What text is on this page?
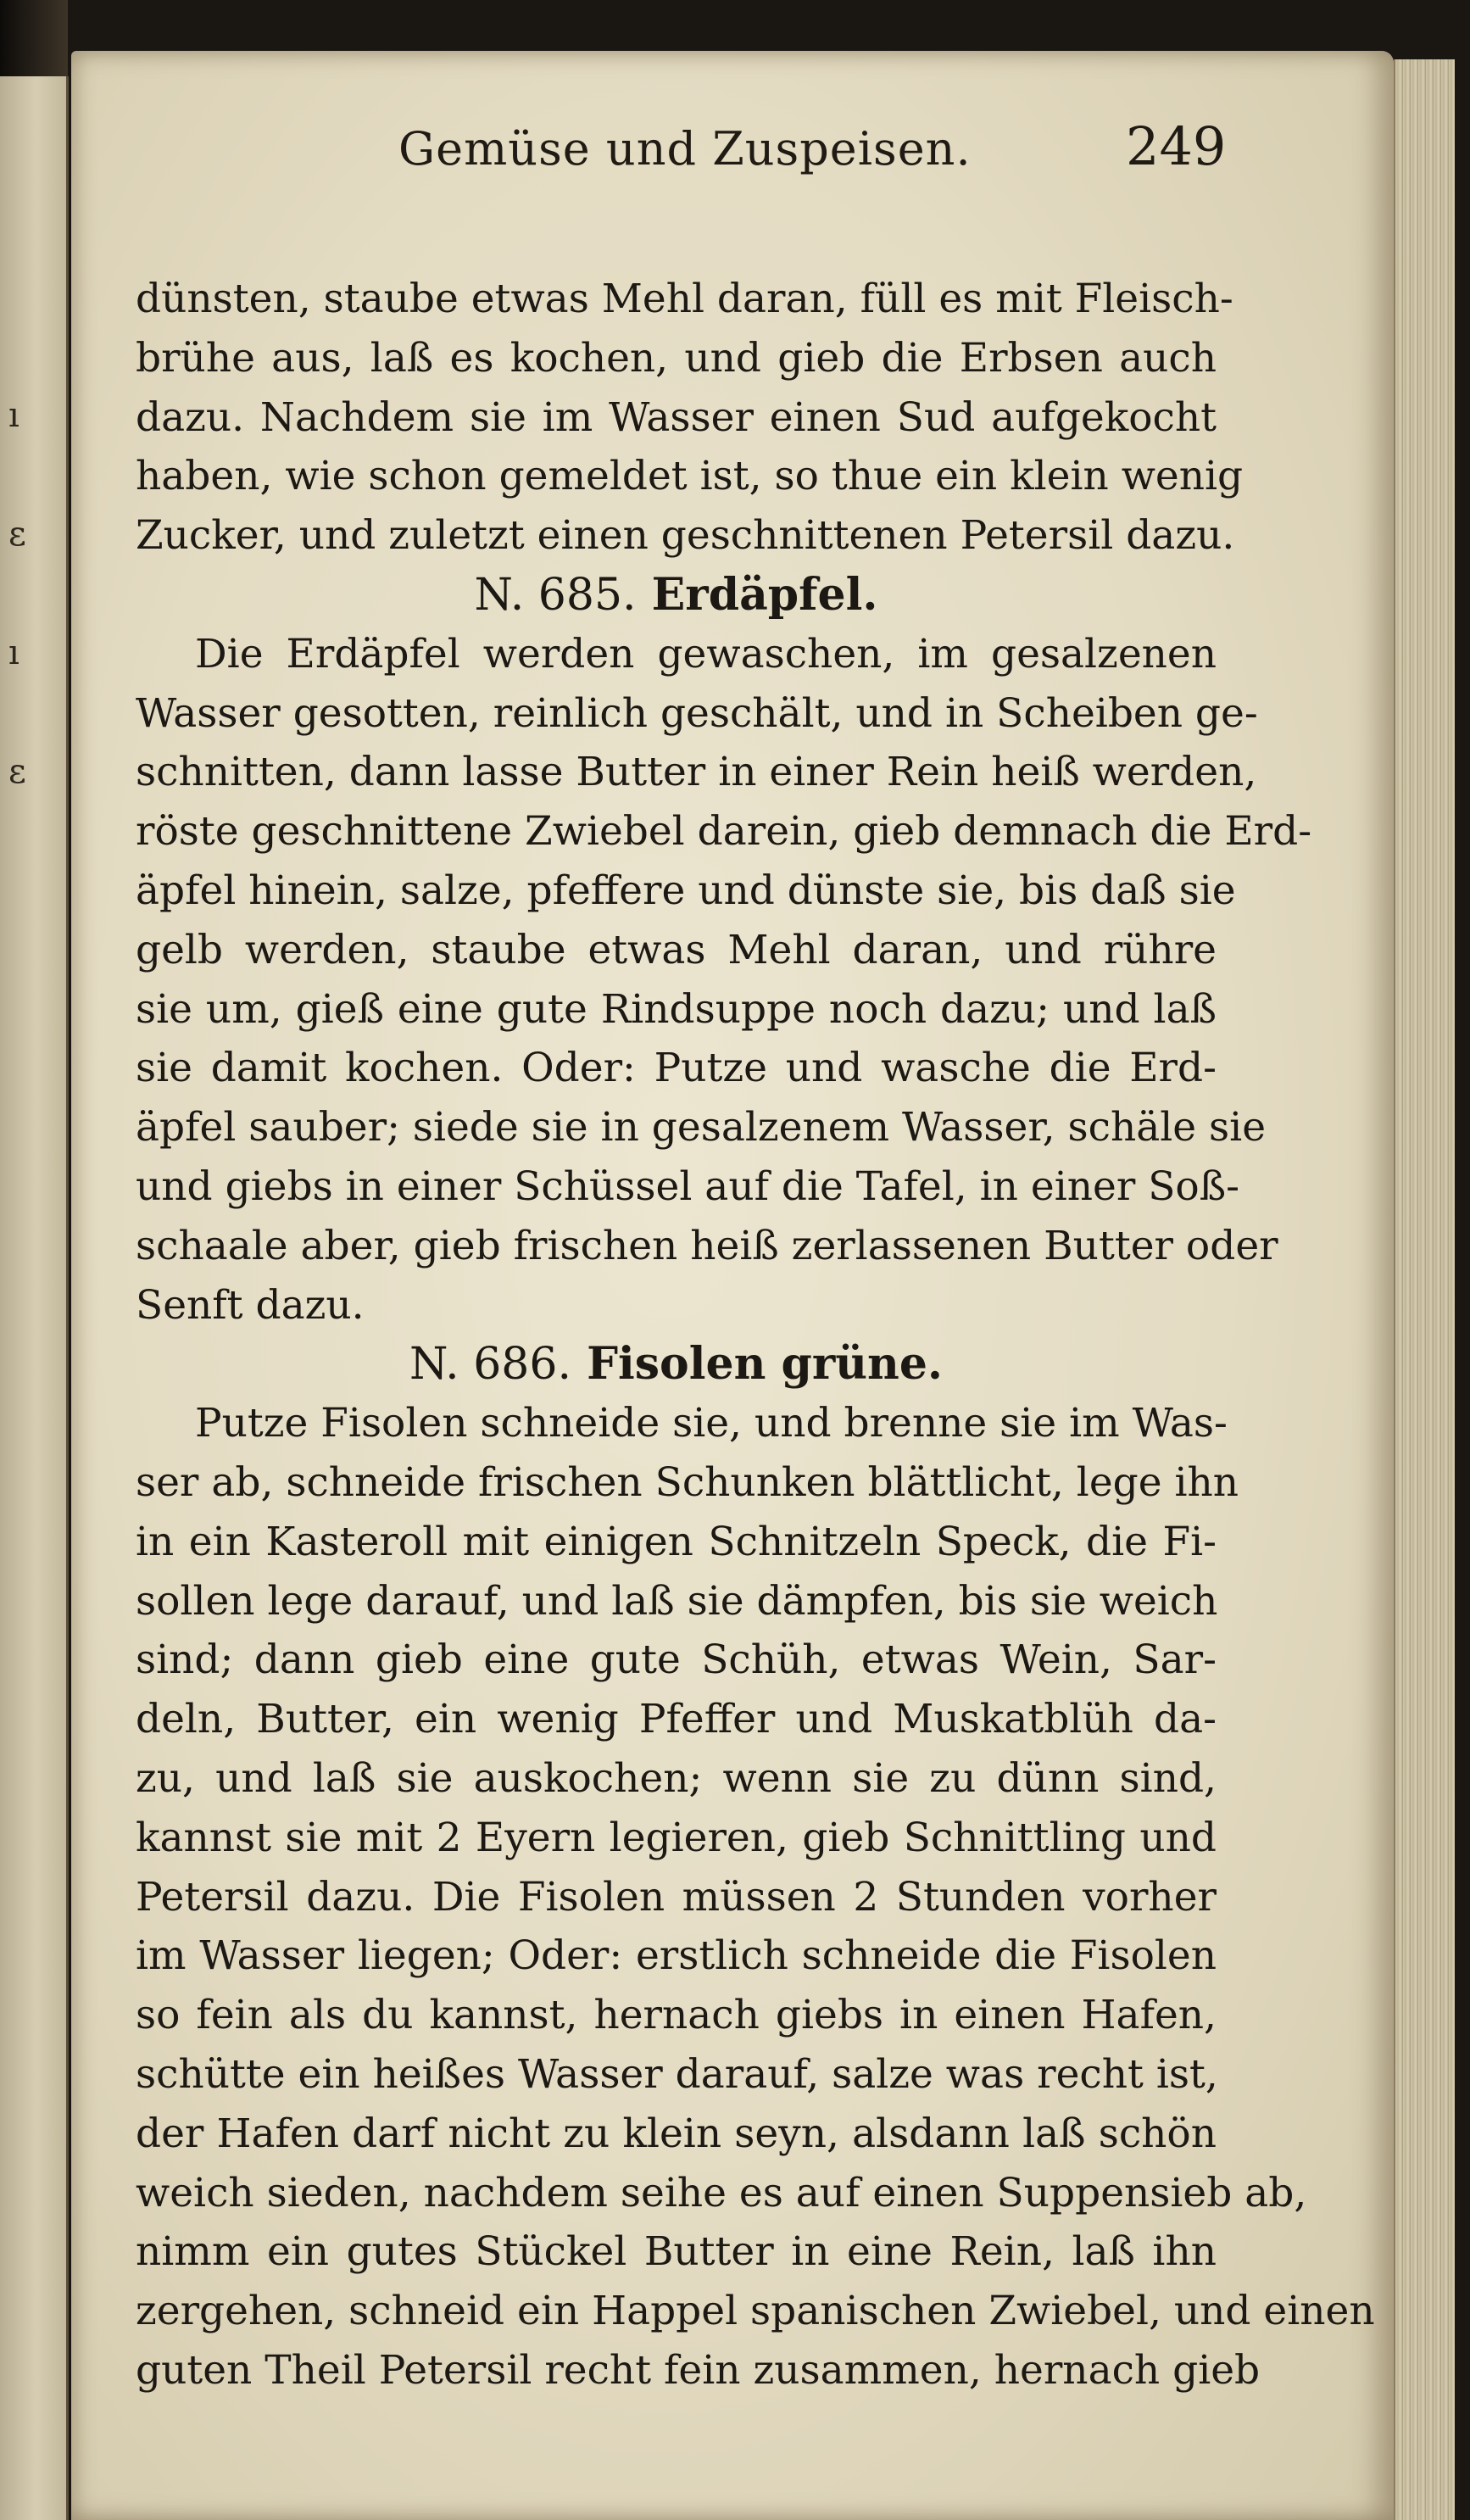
ı
ɛ
ı
ɛ
Gemüse und Zuspeisen.	249
dünsten, staube etwas Mehl daran, füll es mit Fleisch-
brühe aus, laß es kochen, und gieb die Erbsen auch
dazu. Nachdem sie im Wasser einen Sud aufgekocht
haben, wie schon gemeldet ist, so thue ein klein wenig
Zucker, und zuletzt einen geschnittenen Petersil dazu.
N. 685. Erdäpfel.
Die Erdäpfel werden gewaschen, im gesalzenen
Wasser gesotten, reinlich geschält, und in Scheiben ge-
schnitten, dann lasse Butter in einer Rein heiß werden,
röste geschnittene Zwiebel darein, gieb demnach die Erd-
äpfel hinein, salze, pfeffere und dünste sie, bis daß sie
gelb werden, staube etwas Mehl daran, und rühre
sie um, gieß eine gute Rindsuppe noch dazu; und laß
sie damit kochen. Oder: Putze und wasche die Erd-
äpfel sauber; siede sie in gesalzenem Wasser, schäle sie
und giebs in einer Schüssel auf die Tafel, in einer Soß-
schaale aber, gieb frischen heiß zerlassenen Butter oder
Senft dazu.
N. 686. Fisolen grüne.
Putze Fisolen schneide sie, und brenne sie im Was-
ser ab, schneide frischen Schunken blättlicht, lege ihn
in ein Kasteroll mit einigen Schnitzeln Speck, die Fi-
sollen lege darauf, und laß sie dämpfen, bis sie weich
sind; dann gieb eine gute Schüh, etwas Wein, Sar-
deln, Butter, ein wenig Pfeffer und Muskatblüh da-
zu, und laß sie auskochen; wenn sie zu dünn sind,
kannst sie mit 2 Eyern legieren, gieb Schnittling und
Petersil dazu. Die Fisolen müssen 2 Stunden vorher
im Wasser liegen; Oder: erstlich schneide die Fisolen
so fein als du kannst, hernach giebs in einen Hafen,
schütte ein heißes Wasser darauf, salze was recht ist,
der Hafen darf nicht zu klein seyn, alsdann laß schön
weich sieden, nachdem seihe es auf einen Suppensieb ab,
nimm ein gutes Stückel Butter in eine Rein, laß ihn
zergehen, schneid ein Happel spanischen Zwiebel, und einen
guten Theil Petersil recht fein zusammen, hernach gieb
